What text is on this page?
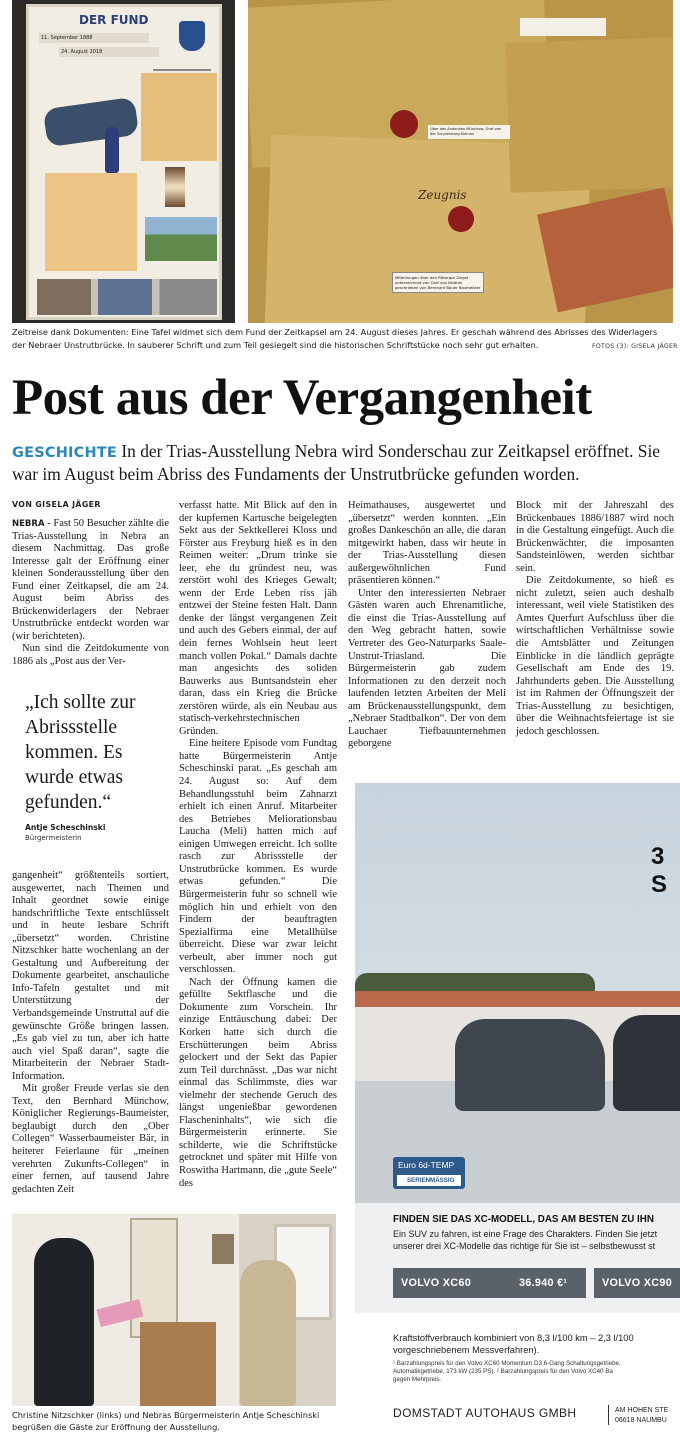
DER FUND
11. September 1888
24. August 2018
Zeugnis
Über das Andenken Münchow, Graf von der Schulenburg Kleinov
Mitteilungen über den Rittergut Zingst unterzeichnet von Graf von Keldnei geschrieben von Bernhard Bauer Baumeister
Zeitreise dank Dokumenten: Eine Tafel widmet sich dem Fund der Zeitkapsel am 24. August dieses Jahres. Er geschah während des Abrisses des Widerlagers der Nebraer Unstrutbrücke. In sauberer Schrift und zum Teil gesiegelt sind die historischen Schriftstücke noch sehr gut erhalten.	FOTOS (3): GISELA JÄGER
Post aus der Vergangenheit
GESCHICHTE In der Trias-Ausstellung Nebra wird Sonderschau zur Zeitkapsel eröffnet. Sie war im August beim Abriss des Fundaments der Unstrutbrücke gefunden worden.
VON GISELA JÄGER

NEBRA - Fast 50 Besucher zählte die Trias-Ausstellung in Nebra an diesem Nachmittag. Das große Interesse galt der Eröffnung einer kleinen Sonderausstellung über den Fund einer Zeitkapsel, die am 24. August beim Abriss des Brückenwiderlagers der Nebraer Unstrutbrücke entdeckt worden war (wir berichteten).

Nun sind die Zeitdokumente von 1886 als „Post aus der Ver-

„Ich sollte zur Abrissstelle kommen. Es wurde etwas gefunden.“
Antje Scheschinski
Bürgermeisterin

gangenheit“ größtenteils sortiert, ausgewertet, nach Themen und Inhalt geordnet sowie einige handschriftliche Texte entschlüsselt und in heute lesbare Schrift „übersetzt“ worden. Christine Nitzschker hatte wochenlang an der Gestaltung und Aufbereitung der Dokumente gearbeitet, anschauliche Info-Tafeln gestaltet und mit Unterstützung der Verbandsgemeinde Unstruttal auf die gewünschte Größe bringen lassen. „Es gab viel zu tun, aber ich hatte auch viel Spaß daran“, sagte die Mitarbeiterin der Nebraer Stadt-Information.

Mit großer Freude verlas sie den Text, den Bernhard Münchow, Königlicher Regierungs-Baumeister, beglaubigt durch den „Ober Collegen“ Wasserbaumeister Bär, in heiterer Feierlaune für „meinen verehrten Zukunfts-Collegen“ in einer fernen, auf tausend Jahre gedachten Zeit

verfasst hatte. Mit Blick auf den in der kupfernen Kartusche beigelegten Sekt aus der Sektkellerei Kloss und Förster aus Freyburg hieß es in den Reimen weiter: „Drum trinke sie leer, ehe du gründest neu, was zerstört wohl des Krieges Gewalt; wenn der Erde Leben riss jäh entzwei der Steine festen Halt. Dann denke der längst vergangenen Zeit und auch des Gebers einmal, der auf dein fernes Wohlsein heut leert manch vollen Pokal.“ Damals dachte man angesichts des soliden Bauwerks aus Buntsandstein eher daran, dass ein Krieg die Brücke zerstören würde, als ein Neubau aus statisch-verkehrstechnischen Gründen.

Eine heitere Episode vom Fundtag hatte Bürgermeisterin Antje Scheschinski parat. „Es geschah am 24. August so: Auf dem Behandlungsstuhl beim Zahnarzt erhielt ich einen Anruf. Mitarbeiter des Betriebes Meliorationsbau Laucha (Meli) hatten mich auf einigen Umwegen erreicht. Ich sollte rasch zur Abrissstelle der Unstrutbrücke kommen. Es wurde etwas gefunden.“ Die Bürgermeisterin fuhr so schnell wie möglich hin und erhielt von den Findern der beauftragten Spezialfirma eine Metallhülse überreicht. Diese war zwar leicht verbeult, aber immer noch gut verschlossen.

Nach der Öffnung kamen die gefüllte Sektflasche und die Dokumente zum Vorschein. Ihr einzige Enttäuschung dabei: Der Korken hatte sich durch die Erschütterungen beim Abriss gelockert und der Sekt das Papier zum Teil durchnässt. „Das war nicht einmal das Schlimmste, dies war vielmehr der stechende Geruch des längst ungenießbar gewordenen Flascheninhalts“, wie sich die Bürgermeisterin erinnerte. Sie schilderte, wie die Schriftstücke getrocknet und später mit Hilfe von Roswitha Hartmann, die „gute Seele“ des

Heimathauses, ausgewertet und „übersetzt“ werden konnten. „Ein großes Dankeschön an alle, die daran mitgewirkt haben, dass wir heute in der Trias-Ausstellung diesen außergewöhnlichen Fund präsentieren können.“

Unter den interessierten Nebraer Gästen waren auch Ehrenamtliche, die einst die Trias-Ausstellung auf den Weg gebracht hatten, sowie Vertreter des Geo-Naturparks Saale-Unstrut-Triasland. Die Bürgermeisterin gab zudem Informationen zu den derzeit noch laufenden letzten Arbeiten der Meli am Brückenausstellungspunkt, dem „Nebraer Stadtbalkon“. Der von dem Lauchaer Tiefbauunternehmen geborgene

Block mit der Jahreszahl des Brückenbaues 1886/1887 wird noch in die Gestaltung eingefügt. Auch die Brückenwächter, die imposanten Sandsteinlöwen, werden sichtbar sein.

Die Zeitdokumente, so hieß es nicht zuletzt, seien auch deshalb interessant, weil viele Statistiken des Amtes Querfurt Aufschluss über die wirtschaftlichen Verhältnisse sowie die Amtsblätter und Zeitungen Einblicke in die ländlich geprägte Gesellschaft am Ende des 19. Jahrhunderts geben. Die Ausstellung ist im Rahmen der Öffnungszeit der Trias-Ausstellung zu besichtigen, über die Weihnachtsfeiertage ist sie jedoch geschlossen.

3 S
Euro 6d-TEMP
SERIENMÄSSIG
FINDEN SIE DAS XC-MODELL, DAS AM BESTEN ZU IHN
Ein SUV zu fahren, ist eine Frage des Charakters. Finden Sie jetzt
unserer drei XC-Modelle das richtige für Sie ist – selbstbewusst st
VOLVO XC60	36.940 €¹	VOLVO XC90
Kraftstoffverbrauch kombiniert von 8,3 l/100 km – 2,3 l/100
vorgeschriebenem Messverfahren).
¹ Barzahlungspreis für den Volvo XC60 Momentum D3 6-Gang Schaltungsgetriebe,
Automatikgetriebe, 173 kW (235 PS). ² Barzahlungspreis für den Volvo XC40 Ba
gegen Mehrpreis.
DOMSTADT AUTOHAUS GMBH	AM HOHEN STE
06618 NAUMBU
Christine Nitzschker (links) und Nebras Bürgermeisterin Antje Scheschinski begrüßen die Gäste zur Eröffnung der Ausstellung.
